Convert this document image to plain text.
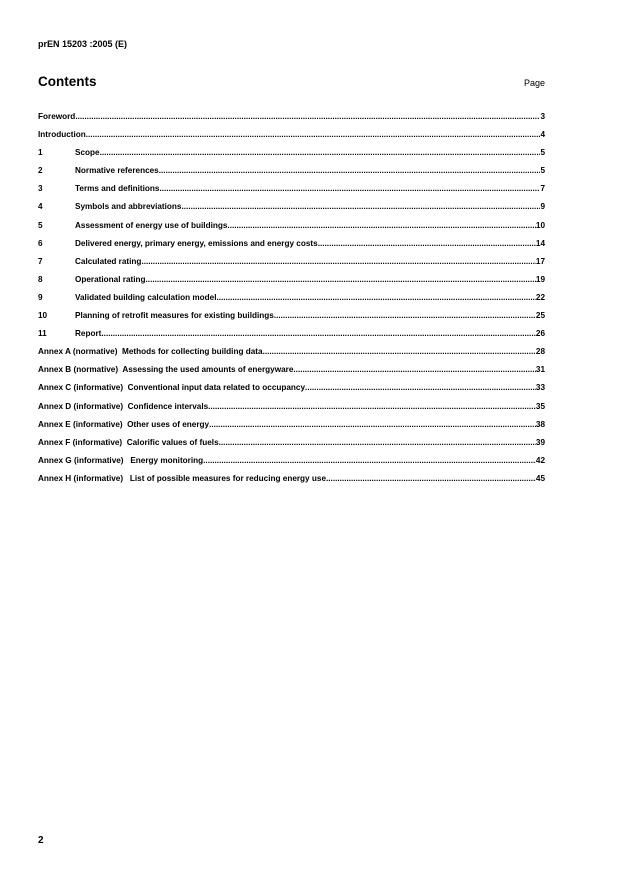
prEN 15203 :2005 (E)
Contents	Page
Foreword .....	3
Introduction .....	4
1	Scope .....	5
2	Normative references .....	5
3	Terms and definitions .....	7
4	Symbols and abbreviations .....	9
5	Assessment of energy use of buildings .....	10
6	Delivered energy, primary energy, emissions and energy costs .....	14
7	Calculated rating .....	17
8	Operational rating .....	19
9	Validated building calculation model .....	22
10	Planning of retrofit measures for existing buildings .....	25
11	Report .....	26
Annex A (normative)  Methods for collecting building data .....	28
Annex B (normative)  Assessing the used amounts of energyware .....	31
Annex C (informative)  Conventional input data related to occupancy .....	33
Annex D (informative)  Confidence intervals .....	35
Annex E (informative)  Other uses of energy .....	38
Annex F (informative)  Calorific values of fuels .....	39
Annex G (informative)   Energy monitoring .....	42
Annex H (informative)   List of possible measures for reducing energy use .....	45
2
